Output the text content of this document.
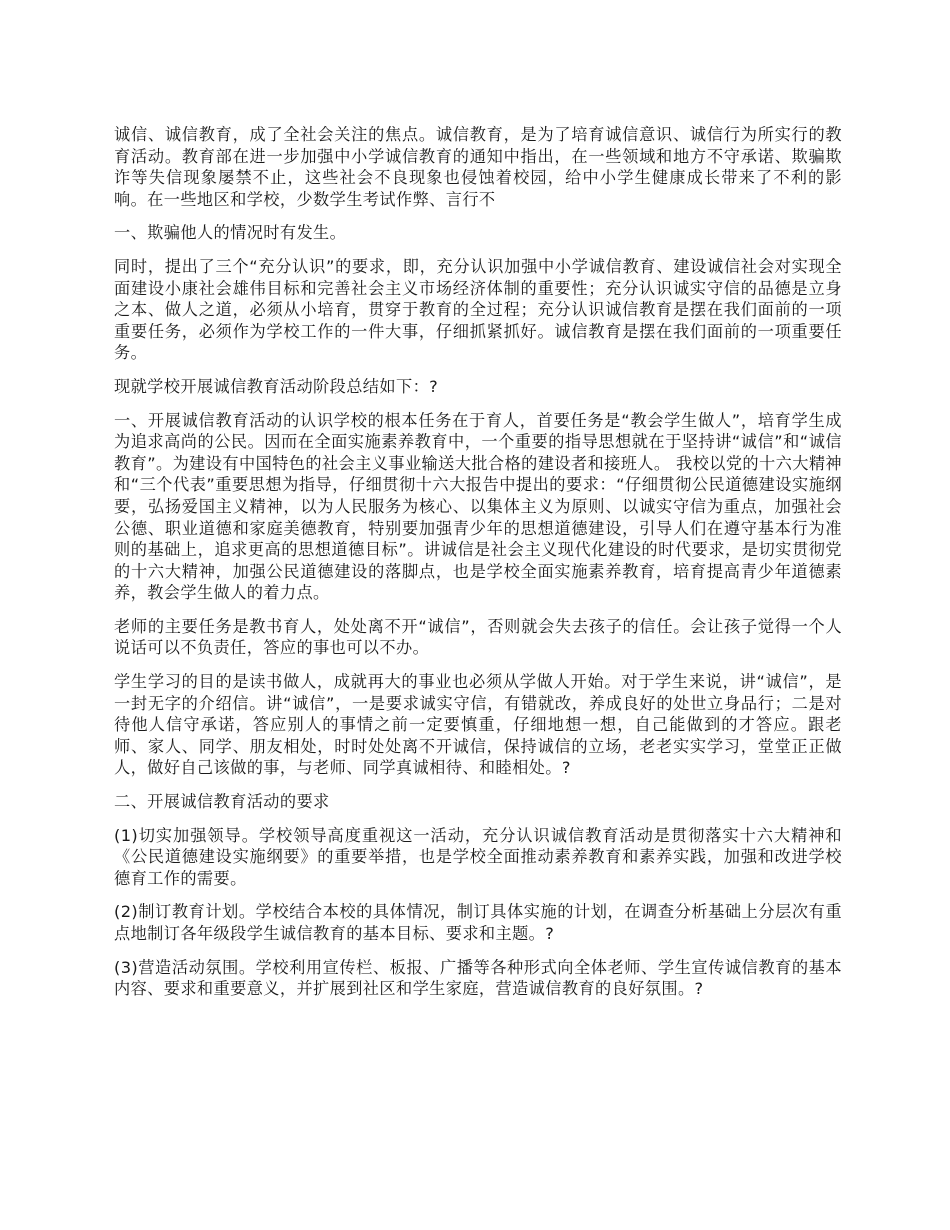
诚信、诚信教育，成了全社会关注的焦点。诚信教育，是为了培育诚信意识、诚信行为所实行的教育活动。教育部在进一步加强中小学诚信教育的通知中指出，在一些领域和地方不守承诺、欺骗欺诈等失信现象屡禁不止，这些社会不良现象也侵蚀着校园，给中小学生健康成长带来了不利的影响。在一些地区和学校，少数学生考试作弊、言行不

一、欺骗他人的情况时有发生。

同时，提出了三个“充分认识”的要求，即，充分认识加强中小学诚信教育、建设诚信社会对实现全面建设小康社会雄伟目标和完善社会主义市场经济体制的重要性；充分认识诚实守信的品德是立身之本、做人之道，必须从小培育，贯穿于教育的全过程；充分认识诚信教育是摆在我们面前的一项重要任务，必须作为学校工作的一件大事，仔细抓紧抓好。诚信教育是摆在我们面前的一项重要任务。

现就学校开展诚信教育活动阶段总结如下：?

一、开展诚信教育活动的认识学校的根本任务在于育人，首要任务是“教会学生做人”，培育学生成为追求高尚的公民。因而在全面实施素养教育中，一个重要的指导思想就在于坚持讲“诚信”和“诚信教育”。为建设有中国特色的社会主义事业输送大批合格的建设者和接班人。 我校以党的十六大精神和“三个代表”重要思想为指导，仔细贯彻十六大报告中提出的要求：“仔细贯彻公民道德建设实施纲要，弘扬爱国主义精神，以为人民服务为核心、以集体主义为原则、以诚实守信为重点，加强社会公德、职业道德和家庭美德教育，特别要加强青少年的思想道德建设，引导人们在遵守基本行为准则的基础上，追求更高的思想道德目标”。讲诚信是社会主义现代化建设的时代要求，是切实贯彻党的十六大精神，加强公民道德建设的落脚点，也是学校全面实施素养教育，培育提高青少年道德素养，教会学生做人的着力点。

老师的主要任务是教书育人，处处离不开“诚信”，否则就会失去孩子的信任。会让孩子觉得一个人说话可以不负责任，答应的事也可以不办。

学生学习的目的是读书做人，成就再大的事业也必须从学做人开始。对于学生来说，讲“诚信”，是一封无字的介绍信。讲“诚信”，一是要求诚实守信，有错就改，养成良好的处世立身品行；二是对待他人信守承诺，答应别人的事情之前一定要慎重，仔细地想一想，自己能做到的才答应。跟老师、家人、同学、朋友相处，时时处处离不开诚信，保持诚信的立场，老老实实学习，堂堂正正做人，做好自己该做的事，与老师、同学真诚相待、和睦相处。?

二、开展诚信教育活动的要求

(1)切实加强领导。学校领导高度重视这一活动，充分认识诚信教育活动是贯彻落实十六大精神和《公民道德建设实施纲要》的重要举措，也是学校全面推动素养教育和素养实践，加强和改进学校德育工作的需要。

(2)制订教育计划。学校结合本校的具体情况，制订具体实施的计划，在调查分析基础上分层次有重点地制订各年级段学生诚信教育的基本目标、要求和主题。?

(3)营造活动氛围。学校利用宣传栏、板报、广播等各种形式向全体老师、学生宣传诚信教育的基本内容、要求和重要意义，并扩展到社区和学生家庭，营造诚信教育的良好氛围。?
